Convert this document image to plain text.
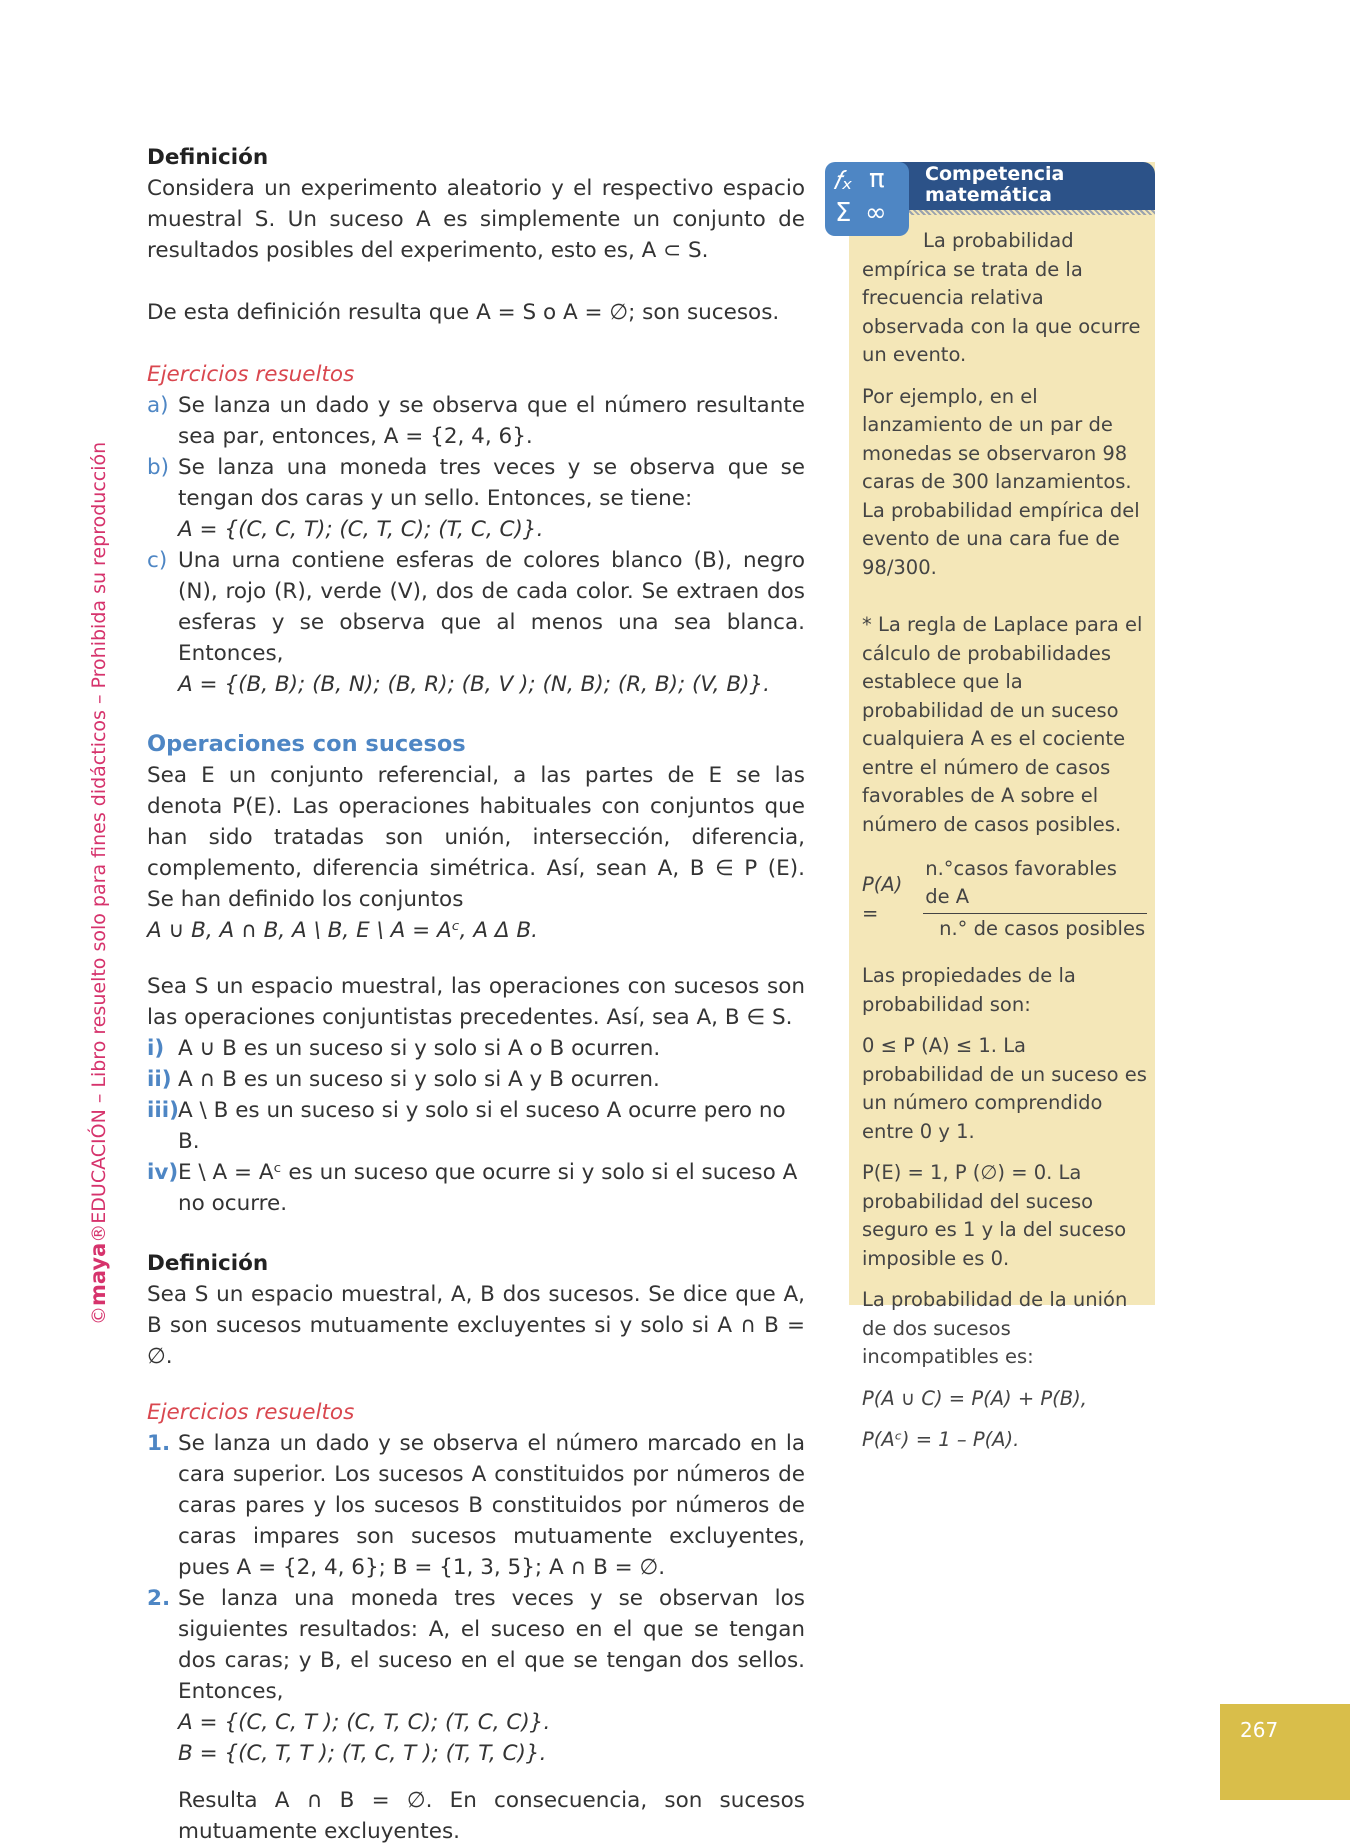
©maya®EDUCACIÓN – Libro resuelto solo para fines didácticos – Prohibida su reproducción

Definición

Considera un experimento aleatorio y el respectivo espacio muestral S. Un suceso A es simplemente un conjunto de resultados posibles del experimento, esto es, A ⊂ S.

De esta definición resulta que A = S o A = ∅; son sucesos.

Ejercicios resueltos

a) Se lanza un dado y se observa que el número resultante sea par, entonces, A = {2, 4, 6}.
b) Se lanza una moneda tres veces y se observa que se tengan dos caras y un sello. Entonces, se tiene:
A = {(C, C, T); (C, T, C); (T, C, C)}.
c) Una urna contiene esferas de colores blanco (B), negro (N), rojo (R), verde (V), dos de cada color. Se extraen dos esferas y se observa que al menos una sea blanca. Entonces,
A = {(B, B); (B, N); (B, R); (B, V ); (N, B); (R, B); (V, B)}.

Operaciones con sucesos

Sea E un conjunto referencial, a las partes de E se las denota P(E). Las operaciones habituales con conjuntos que han sido tratadas son unión, intersección, diferencia, complemento, diferencia simétrica. Así, sean A, B ∈ P (E). Se han definido los conjuntos

A ∪ B, A ∩ B, A \ B, E \ A = Aᶜ, A Δ B.

Sea S un espacio muestral, las operaciones con sucesos son las operaciones conjuntistas precedentes. Así, sea A, B ∈ S.

i) A ∪ B es un suceso si y solo si A o B ocurren.
ii) A ∩ B es un suceso si y solo si A y B ocurren.
iii) A \ B es un suceso si y solo si el suceso A ocurre pero no B.
iv) E \ A = Aᶜ es un suceso que ocurre si y solo si el suceso A no ocurre.

Definición

Sea S un espacio muestral, A, B dos sucesos. Se dice que A, B son sucesos mutuamente excluyentes si y solo si A ∩ B = ∅.

Ejercicios resueltos

1. Se lanza un dado y se observa el número marcado en la cara superior. Los sucesos A constituidos por números de caras pares y los sucesos B constituidos por números de caras impares son sucesos mutuamente excluyentes, pues A = {2, 4, 6}; B = {1, 3, 5}; A ∩ B = ∅.
2. Se lanza una moneda tres veces y se observan los siguientes resultados: A, el suceso en el que se tengan dos caras; y B, el suceso en el que se tengan dos sellos. Entonces,
A = {(C, C, T ); (C, T, C); (T, C, C)}.
B = {(C, T, T ); (T, C, T ); (T, T, C)}.
Resulta A ∩ B = ∅. En consecuencia, son sucesos mutuamente excluyentes.
Competencia matemática
𝑓ₓ π
Σ ∞

La probabilidad empírica se trata de la frecuencia relativa observada con la que ocurre un evento.

Por ejemplo, en el lanzamiento de un par de monedas se observaron 98 caras de 300 lanzamientos. La probabilidad empírica del evento de una cara fue de 98/300.

* La regla de Laplace para el cálculo de probabilidades establece que la probabilidad de un suceso cualquiera A es el cociente entre el número de casos favorables de A sobre el número de casos posibles.

P(A) =	$\frac{\text{n.°casos favorables de A}}{\text{n.° de casos posibles}}$

Las propiedades de la probabilidad son:

0 ≤ P (A) ≤ 1. La probabilidad de un suceso es un número comprendido entre 0 y 1.

P(E) = 1, P (∅) = 0. La probabilidad del suceso seguro es 1 y la del suceso imposible es 0.

La probabilidad de la unión de dos sucesos incompatibles es:

P(A ∪ C) = P(A) + P(B),

P(Aᶜ) = 1 – P(A).

267
